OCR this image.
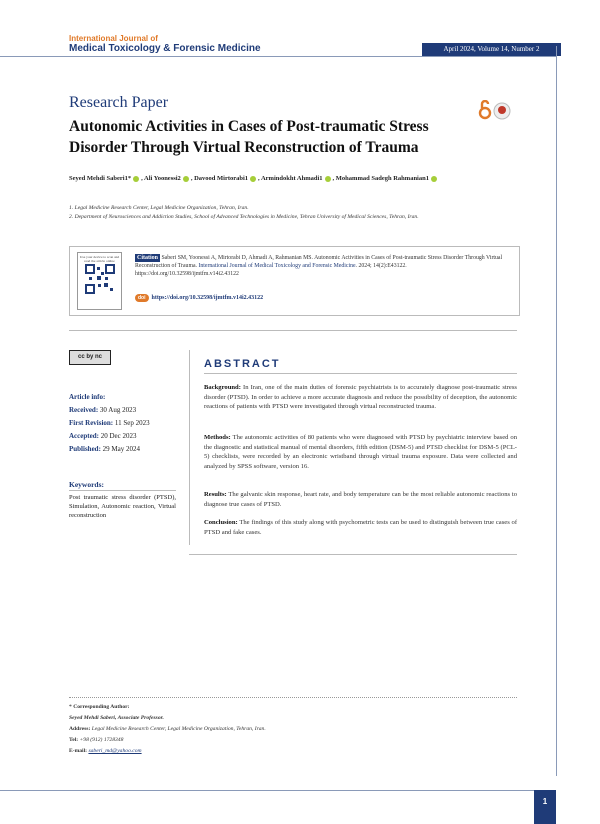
International Journal of
Medical Toxicology & Forensic Medicine	April 2024, Volume 14, Number 2
Research Paper
Autonomic Activities in Cases of Post-traumatic Stress Disorder Through Virtual Reconstruction of Trauma
Seyed Mehdi Saberi1* , Ali Yoonessi2 , Davood Mirtorabi1 , Armindokht Ahmadi1 , Mohammad Sadegh Rahmanian1
1. Legal Medicine Research Center, Legal Medicine Organization, Tehran, Iran.
2. Department of Neurosciences and Addiction Studies, School of Advanced Technologies in Medicine, Tehran University of Medical Sciences, Tehran, Iran.
Use your device to scan and read the article online	Citation Saberi SM, Yoonessi A, Mirtorabi D, Ahmadi A, Rahmanian MS. Autonomic Activities in Cases of Post-traumatic Stress Disorder Through Virtual Reconstruction of Trauma. International Journal of Medical Toxicology and Forensic Medicine. 2024; 14(2):E43122. https://doi.org/10.32598/ijmtfm.v14i2.43122
doi https://doi.org/10.32598/ijmtfm.v14i2.43122
cc by nc
Article info:
Received: 30 Aug 2023
First Revision: 11 Sep 2023
Accepted: 20 Dec 2023
Published: 29 May 2024
Keywords:
Post traumatic stress disorder (PTSD), Simulation, Autonomic reaction, Virtual reconstruction
ABSTRACT
Background: In Iran, one of the main duties of forensic psychiatrists is to accurately diagnose post-traumatic stress disorder (PTSD). In order to achieve a more accurate diagnosis and reduce the possibility of deception, the autonomic reactions of patients with PTSD were investigated through virtual reconstructed trauma.
Methods: The autonomic activities of 80 patients who were diagnosed with PTSD by psychiatric interview based on the diagnostic and statistical manual of mental disorders, fifth edition (DSM-5) and PTSD checklist for DSM-5 (PCL-5) checklists, were recorded by an electronic wristband through virtual trauma exposure. Data were collected and analyzed by SPSS software, version 16.
Results: The galvanic skin response, heart rate, and body temperature can be the most reliable autonomic reactions to diagnose true cases of PTSD.
Conclusion: The findings of this study along with psychometric tests can be used to distinguish between true cases of PTSD and fake cases.
* Corresponding Author:
Seyed Mehdi Saberi, Associate Professor.
Address: Legal Medicine Research Center, Legal Medicine Organization, Tehran, Iran.
Tel: +98 (912) 1728348
E-mail: saberi_md@yahoo.com
1
